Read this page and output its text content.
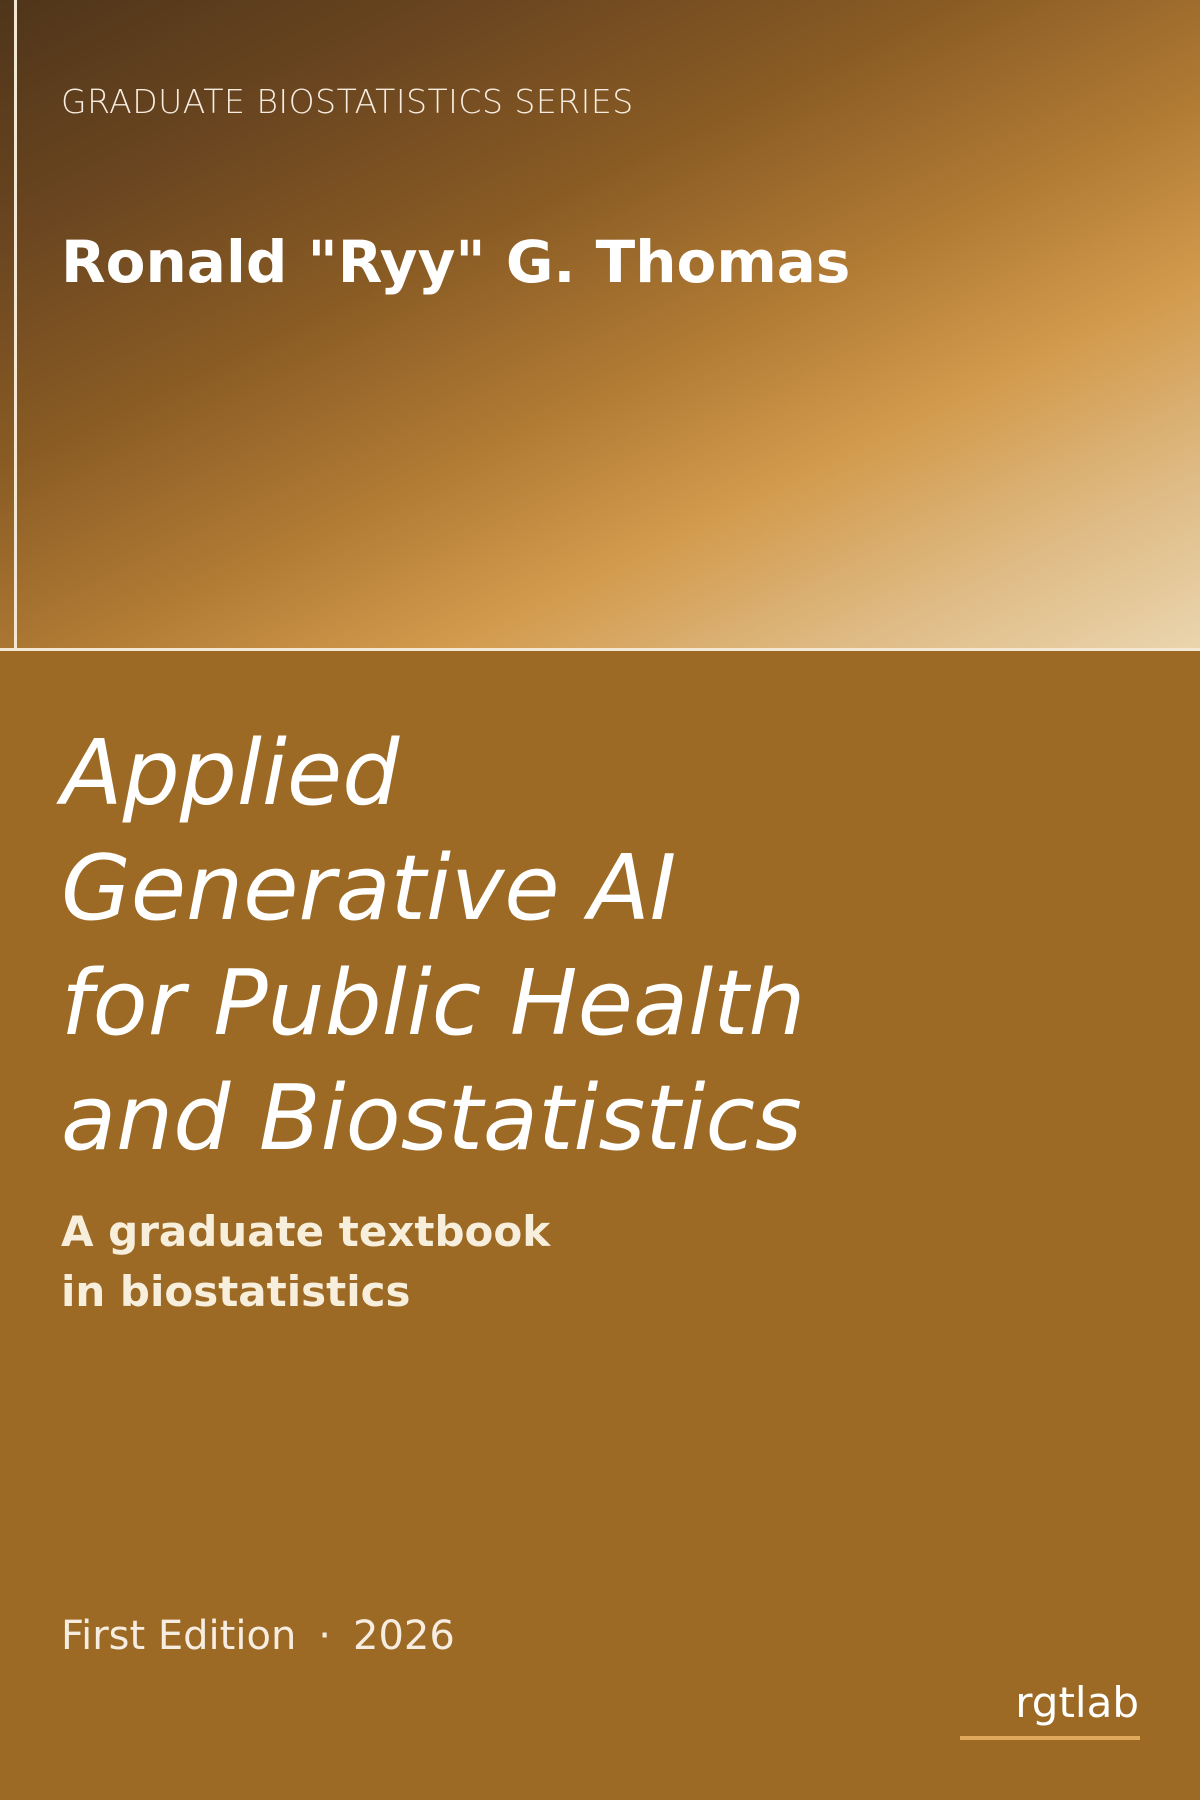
GRADUATE BIOSTATISTICS SERIES
Ronald "Ryy" G. Thomas
Applied
Generative AI
for Public Health
and Biostatistics
A graduate textbook
in biostatistics
First Edition · 2026
rgtlab
